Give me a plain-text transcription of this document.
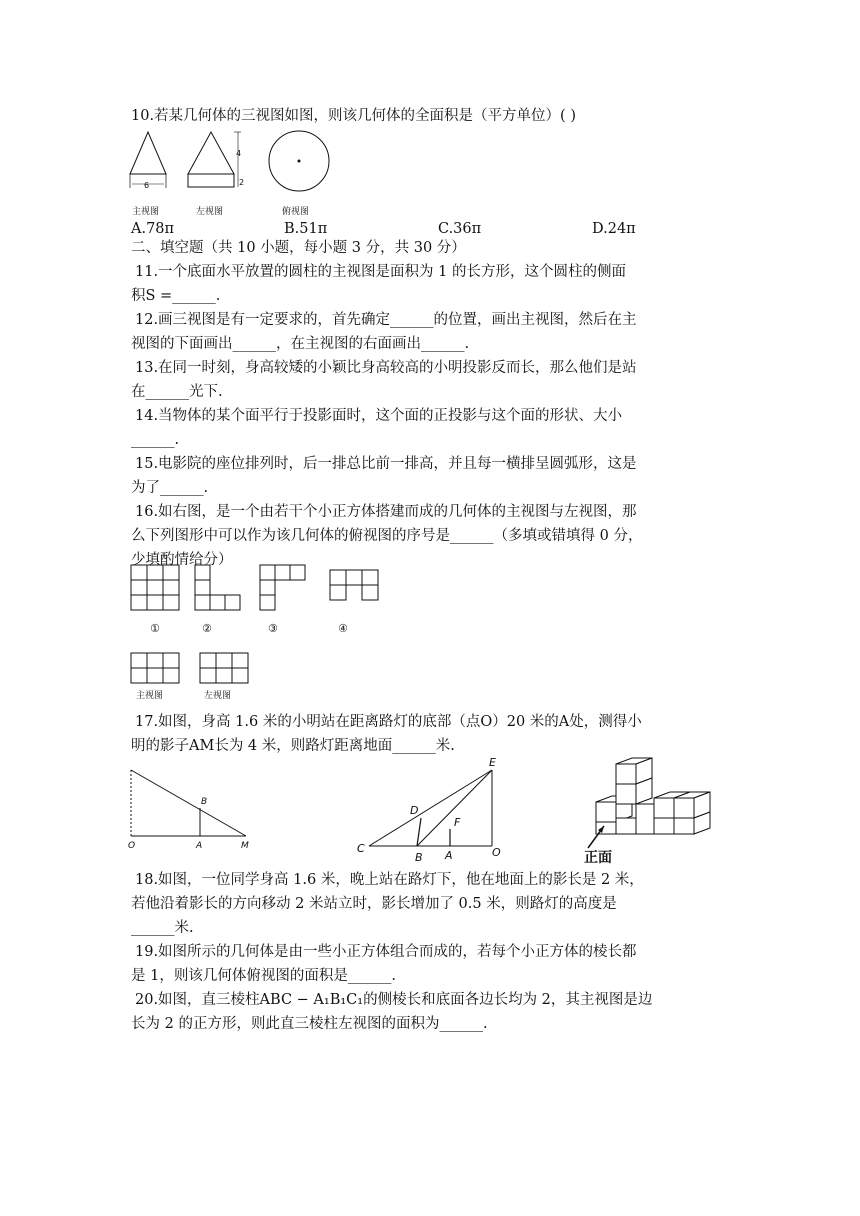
10.若某几何体的三视图如图，则该几何体的全面积是（平方单位）( )
6
4
2
主视图	左视图	俯视图
A.78π	B.51π	C.36π	D.24π
二、填空题（共 10 小题，每小题 3 分，共 30 分）
11.一个底面水平放置的圆柱的主视图是面积为 1 的长方形，这个圆柱的侧面
积S =______.
12.画三视图是有一定要求的，首先确定______的位置，画出主视图，然后在主
视图的下面画出______，在主视图的右面画出______.
13.在同一时刻，身高较矮的小颖比身高较高的小明投影反而长，那么他们是站
在______光下.
14.当物体的某个面平行于投影面时，这个面的正投影与这个面的形状、大小
______.
15.电影院的座位排列时，后一排总比前一排高，并且每一横排呈圆弧形，这是
为了______.
16.如右图，是一个由若干个小正方体搭建而成的几何体的主视图与左视图，那
么下列图形中可以作为该几何体的俯视图的序号是______（多填或错填得 0 分，
少填酌情给分）
①	②	③	④
主视图	左视图
17.如图，身高 1.6 米的小明站在距离路灯的底部（点O）20 米的A处，测得小
明的影子AM长为 4 米，则路灯距离地面______米.
O	A
B
M	C
B A	O
D
F
E
正面
18.如图，一位同学身高 1.6 米，晚上站在路灯下，他在地面上的影长是 2 米，
若他沿着影长的方向移动 2 米站立时，影长增加了 0.5 米，则路灯的高度是
______米.
19.如图所示的几何体是由一些小正方体组合而成的，若每个小正方体的棱长都
是 1，则该几何体俯视图的面积是______.
20.如图，直三棱柱ABC − A₁B₁C₁的侧棱长和底面各边长均为 2，其主视图是边
长为 2 的正方形，则此直三棱柱左视图的面积为______.
